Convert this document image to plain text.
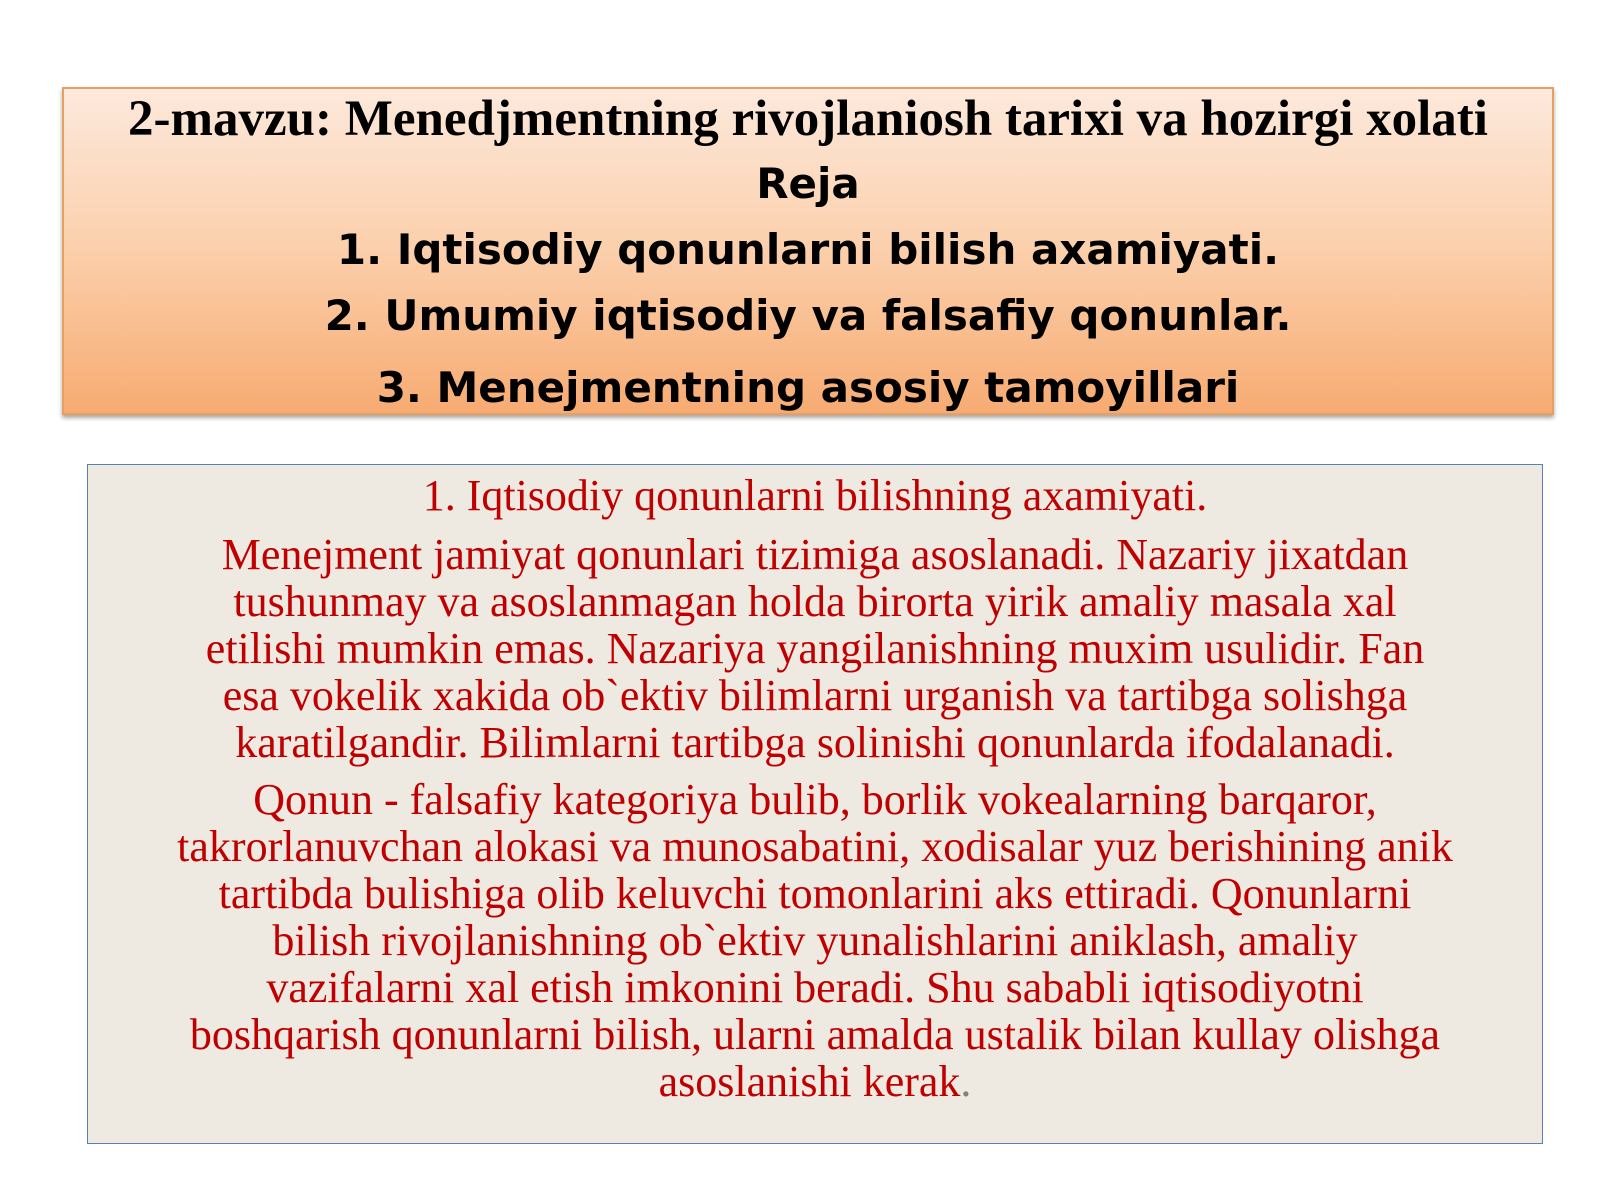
2-mavzu: Menedjmentning rivojlaniosh tarixi va hozirgi xolati
Reja
1. Iqtisodiy qonunlarni bilish axamiyati.
2. Umumiy iqtisodiy va falsafiy qonunlar.
3. Menejmentning asosiy tamoyillari
1. Iqtisodiy qonunlarni bilishning axamiyati.

Menejment jamiyat qonunlari tizimiga asoslanadi. Nazariy jixatdan
tushunmay va asoslanmagan holda birorta yirik amaliy masala xal
etilishi mumkin emas. Nazariya yangilanishning muxim usulidir. Fan
esa vokelik xakida ob`ektiv bilimlarni urganish va tartibga solishga
karatilgandir. Bilimlarni tartibga solinishi qonunlarda ifodalanadi.

Qonun - falsafiy kategoriya bulib, borlik vokealarning barqaror,
takrorlanuvchan alokasi va munosabatini, xodisalar yuz berishining anik
tartibda bulishiga olib keluvchi tomonlarini aks ettiradi. Qonunlarni
bilish rivojlanishning ob`ektiv yunalishlarini aniklash, amaliy
vazifalarni xal etish imkonini beradi. Shu sababli iqtisodiyotni
boshqarish qonunlarni bilish, ularni amalda ustalik bilan kullay olishga
asoslanishi kerak.
